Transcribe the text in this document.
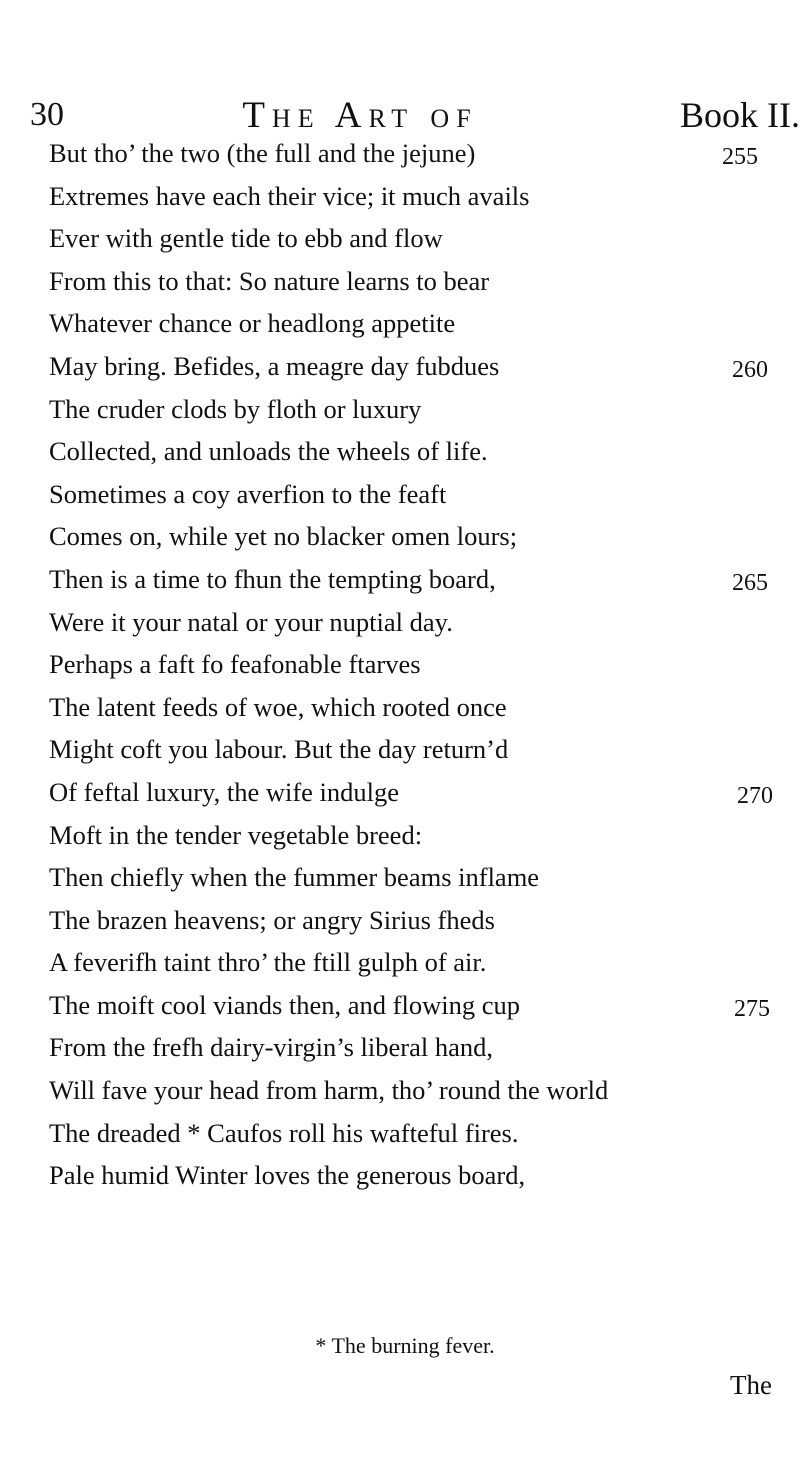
30	The Art of	Book II.
But tho’ the two (the full and the jejune)
Extremes have each their vice; it much avails
Ever with gentle tide to ebb and flow
From this to that: So nature learns to bear
Whatever chance or headlong appetite
May bring. Befides, a meagre day fubdues
The cruder clods by floth or luxury
Collected, and unloads the wheels of life.
Sometimes a coy averfion to the feaft
Comes on, while yet no blacker omen lours;
Then is a time to fhun the tempting board,
Were it your natal or your nuptial day.
Perhaps a faft fo feafonable ftarves
The latent feeds of woe, which rooted once
Might coft you labour. But the day return’d
Of feftal luxury, the wife indulge
Moft in the tender vegetable breed:
Then chiefly when the fummer beams inflame
The brazen heavens; or angry Sirius fheds
A feverifh taint thro’ the ftill gulph of air.
The moift cool viands then, and flowing cup
From the frefh dairy-virgin’s liberal hand,
Will fave your head from harm, tho’ round the world
The dreaded * Caufos roll his wafteful fires.
Pale humid Winter loves the generous board,
255
260
265
270
275
* The burning fever.
The
